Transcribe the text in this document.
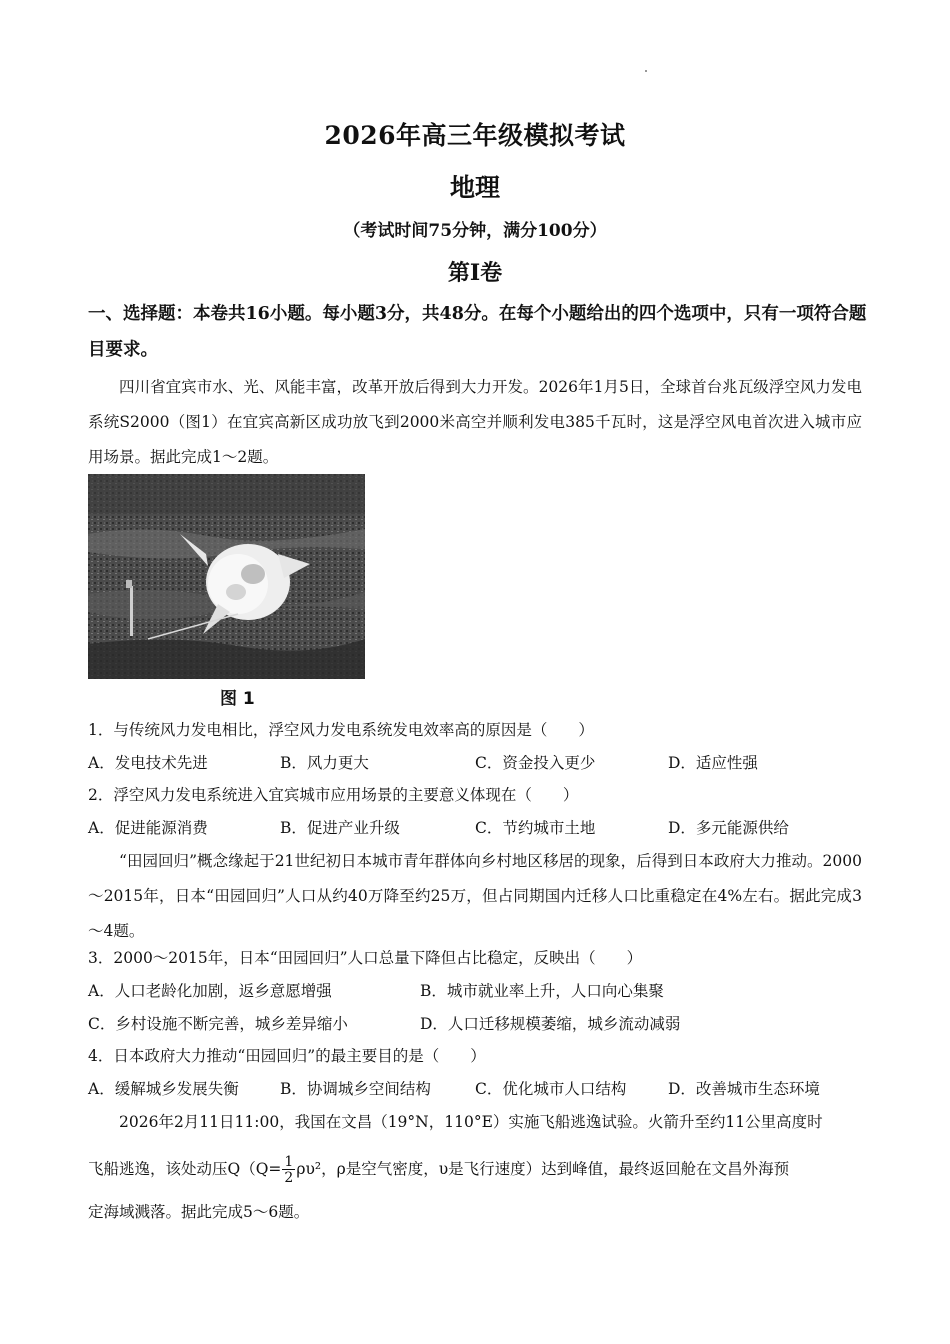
2026年高三年级模拟考试
地理
（考试时间75分钟，满分100分）
第Ⅰ卷
一、选择题：本卷共16小题。每小题3分，共48分。在每个小题给出的四个选项中，只有一项符合题目要求。
四川省宜宾市水、光、风能丰富，改革开放后得到大力开发。2026年1月5日，全球首台兆瓦级浮空风力发电系统S2000（图1）在宜宾高新区成功放飞到2000米高空并顺利发电385千瓦时，这是浮空风电首次进入城市应用场景。据此完成1～2题。
图 1
1．与传统风力发电相比，浮空风力发电系统发电效率高的原因是（　　）
A．发电技术先进	B．风力更大	C．资金投入更少	D．适应性强
2．浮空风力发电系统进入宜宾城市应用场景的主要意义体现在（　　）
A．促进能源消费	B．促进产业升级	C．节约城市土地	D．多元能源供给
“田园回归”概念缘起于21世纪初日本城市青年群体向乡村地区移居的现象，后得到日本政府大力推动。2000～2015年，日本“田园回归”人口从约40万降至约25万，但占同期国内迁移人口比重稳定在4%左右。据此完成3～4题。
3．2000～2015年，日本“田园回归”人口总量下降但占比稳定，反映出（　　）
A．人口老龄化加剧，返乡意愿增强	B．城市就业率上升，人口向心集聚
C．乡村设施不断完善，城乡差异缩小	D．人口迁移规模萎缩，城乡流动减弱
4．日本政府大力推动“田园回归”的最主要目的是（　　）
A．缓解城乡发展失衡	B．协调城乡空间结构	C．优化城市人口结构	D．改善城市生态环境
2026年2月11日11:00，我国在文昌（19°N，110°E）实施飞船逃逸试验。火箭升至约11公里高度时
飞船逃逸，该处动压$Q(Q= \frac{1}{2} \rho\upsilon^2$，ρ是空气密度，υ是飞行速度）达到峰值，最终返回舱在文昌外海预
定海域溅落。据此完成5～6题。
